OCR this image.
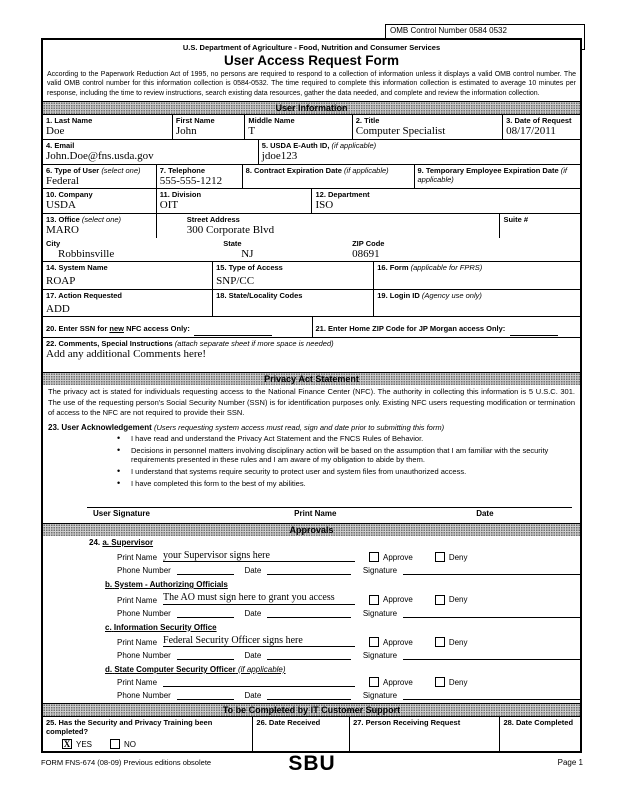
OMB Control Number 0584 0532
U.S. Department of Agriculture - Food, Nutrition and Consumer Services
User Access Request Form
According to the Paperwork Reduction Act of 1995, no persons are required to respond to a collection of information unless it displays a valid OMB control number. The valid OMB control number for this information collection is 0584-0532. The time required to complete this information collection is estimated to average 10 minutes per response, including the time to review instructions, search existing data resources, gather the data needed, and complete and review the information collection.
User Information
1. Last Name
Doe
First Name
John
Middle Name
T
2. Title
Computer Specialist
3. Date of Request
08/17/2011
4. Email
John.Doe@fns.usda.gov
5. USDA E-Auth ID, (if applicable)
jdoe123
6. Type of User (select one)
Federal
7. Telephone
555-555-1212
8. Contract Expiration Date (if applicable)	9. Temporary Employee Expiration Date (if applicable)
10. Company
USDA
11. Division
OIT
12. Department
ISO
13. Office (select one)
MARO
Street Address
300 Corporate Blvd
Suite #
City
Robbinsville
State
NJ
ZIP Code
08691
14. System Name
ROAP
15. Type of Access
SNP/CC
16. Form (applicable for FPRS)
17. Action Requested
ADD
18. State/Locality Codes	19. Login ID (Agency use only)
20. Enter SSN for new NFC access Only:	21. Enter Home ZIP Code for JP Morgan access Only:
22. Comments, Special Instructions (attach separate sheet if more space is needed)
Add any additional Comments here!
Privacy Act Statement
The privacy act is stated for individuals requesting access to the National Finance Center (NFC). The authority in collecting this information is 5 U.S.C. 301. The use of the requesting person's Social Security Number (SSN) is for identification purposes only. Existing NFC users requesting modification or termination of access to the NFC are not required to provide their SSN.
23. User Acknowledgement (Users requesting system access must read, sign and date prior to submitting this form)
• I have read and understand the Privacy Act Statement and the FNCS Rules of Behavior.
• Decisions in personnel matters involving disciplinary action will be based on the assumption that I am familiar with the security requirements presented in these rules and I am aware of my obligation to abide by them.
• I understand that systems require security to protect user and system files from unauthorized access.
• I have completed this form to the best of my abilities.
User Signature	Print Name	Date
Approvals
24. a. Supervisor
Print Name your Supervisor signs here	Approve	Deny
Phone Number	Date	Signature
b. System - Authorizing Officials
Print Name The AO must sign here to grant you access	Approve	Deny
Phone Number	Date	Signature
c. Information Security Office
Print Name Federal Security Officer signs here	Approve	Deny
Phone Number	Date	Signature
d. State Computer Security Officer (if applicable)
Print Name	Approve	Deny
Phone Number	Date	Signature
To be Completed by IT Customer Support
25. Has the Security and Privacy Training been completed?
X YES	NO
26. Date Received	27. Person Receiving Request	28. Date Completed
FORM FNS-674 (08-09) Previous editions obsolete	SBU	Page 1
